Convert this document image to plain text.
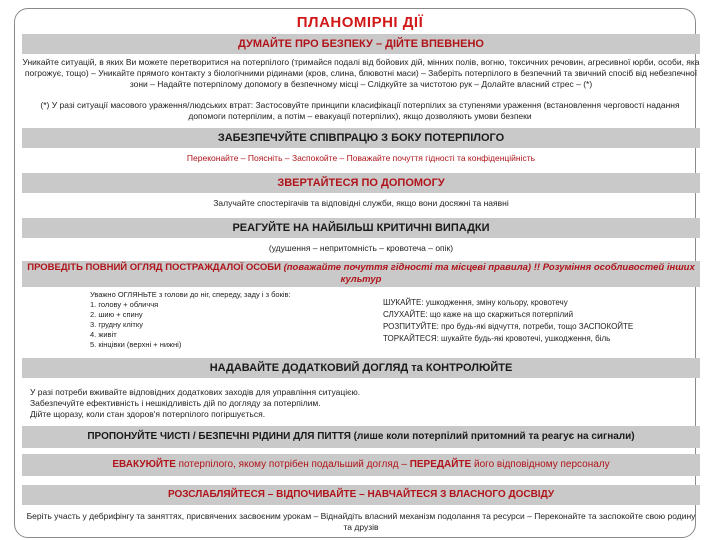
ПЛАНОМІРНІ ДІЇ
ДУМАЙТЕ ПРО БЕЗПЕКУ – ДІЙТЕ ВПЕВНЕНО
Уникайте ситуацій, в яких Ви можете перетворитися на потерпілого (тримайся подалі від бойових дій, мінних полів, вогню, токсичних речовин, агресивної юрби, особи, яка погрожує, тощо) – Уникайте прямого контакту з біологічними рідинами (кров, слина, блювотні маси) – Заберіть потерпілого в безпечний та звичний спосіб від небезпечної зони – Надайте потерпілому допомогу в безпечному місці – Слідкуйте за чистотою рук – Долайте власний стрес – (*)
(*) У разі ситуації масового ураження/людських втрат: Застосовуйте принципи класифікації потерпілих за ступенями ураження (встановлення черговості надання допомоги потерпілим, а потім – евакуації потерпілих), якщо дозволяють умови безпеки
ЗАБЕЗПЕЧУЙТЕ СПІВПРАЦЮ З БОКУ ПОТЕРПІЛОГО
Переконайте – Поясніть – Заспокойте – Поважайте почуття гідності та конфіденційність
ЗВЕРТАЙТЕСЯ ПО ДОПОМОГУ
Залучайте спостерігачів та відповідні служби, якщо вони досяжні та наявні
РЕАГУЙТЕ НА НАЙБІЛЬШ КРИТИЧНІ ВИПАДКИ
(удушення – непритомність – кровотеча – опік)
ПРОВЕДІТЬ ПОВНИЙ ОГЛЯД ПОСТРАЖДАЛОЇ ОСОБИ (поважайте почуття гідності та місцеві правила) !! Розуміння особливостей інших культур
Уважно ОГЛЯНЬТЕ з голови до ніг, спереду, заду і з боків:
1. голову + обличчя
2. шию + спину
3. грудну клітку
4. живіт
5. кінцівки (верхні + нижні)
ШУКАЙТЕ: ушкодження, зміну кольору, кровотечу
СЛУХАЙТЕ: що каже на що скаржиться потерпілий
РОЗПИТУЙТЕ: про будь-які відчуття, потреби, тощо ЗАСПОКОЙТЕ
ТОРКАЙТЕСЯ: шукайте будь-які кровотечі, ушкодження, біль
НАДАВАЙТЕ ДОДАТКОВИЙ ДОГЛЯД та КОНТРОЛЮЙТЕ
У разі потреби вживайте відповідних додаткових заходів для управління ситуацією.
Забезпечуйте ефективність і нешкідливість дій по догляду за потерпілим.
Дійте щоразу, коли стан здоров'я потерпілого погіршується.
ПРОПОНУЙТЕ ЧИСТІ / БЕЗПЕЧНІ РІДИНИ ДЛЯ ПИТТЯ (лише коли потерпілий притомний та реагує на сигнали)
ЕВАКУЮЙТЕ потерпілого, якому потрібен подальший догляд – ПЕРЕДАЙТЕ його відповідному персоналу
РОЗСЛАБЛЯЙТЕСЯ – ВІДПОЧИВАЙТЕ – НАВЧАЙТЕСЯ З ВЛАСНОГО ДОСВІДУ
Беріть участь у дебрифінгу та заняттях, присвячених засвоєним урокам – Віднайдіть власний механізм подолання та ресурси – Переконайте та заспокойте свою родину та друзів
